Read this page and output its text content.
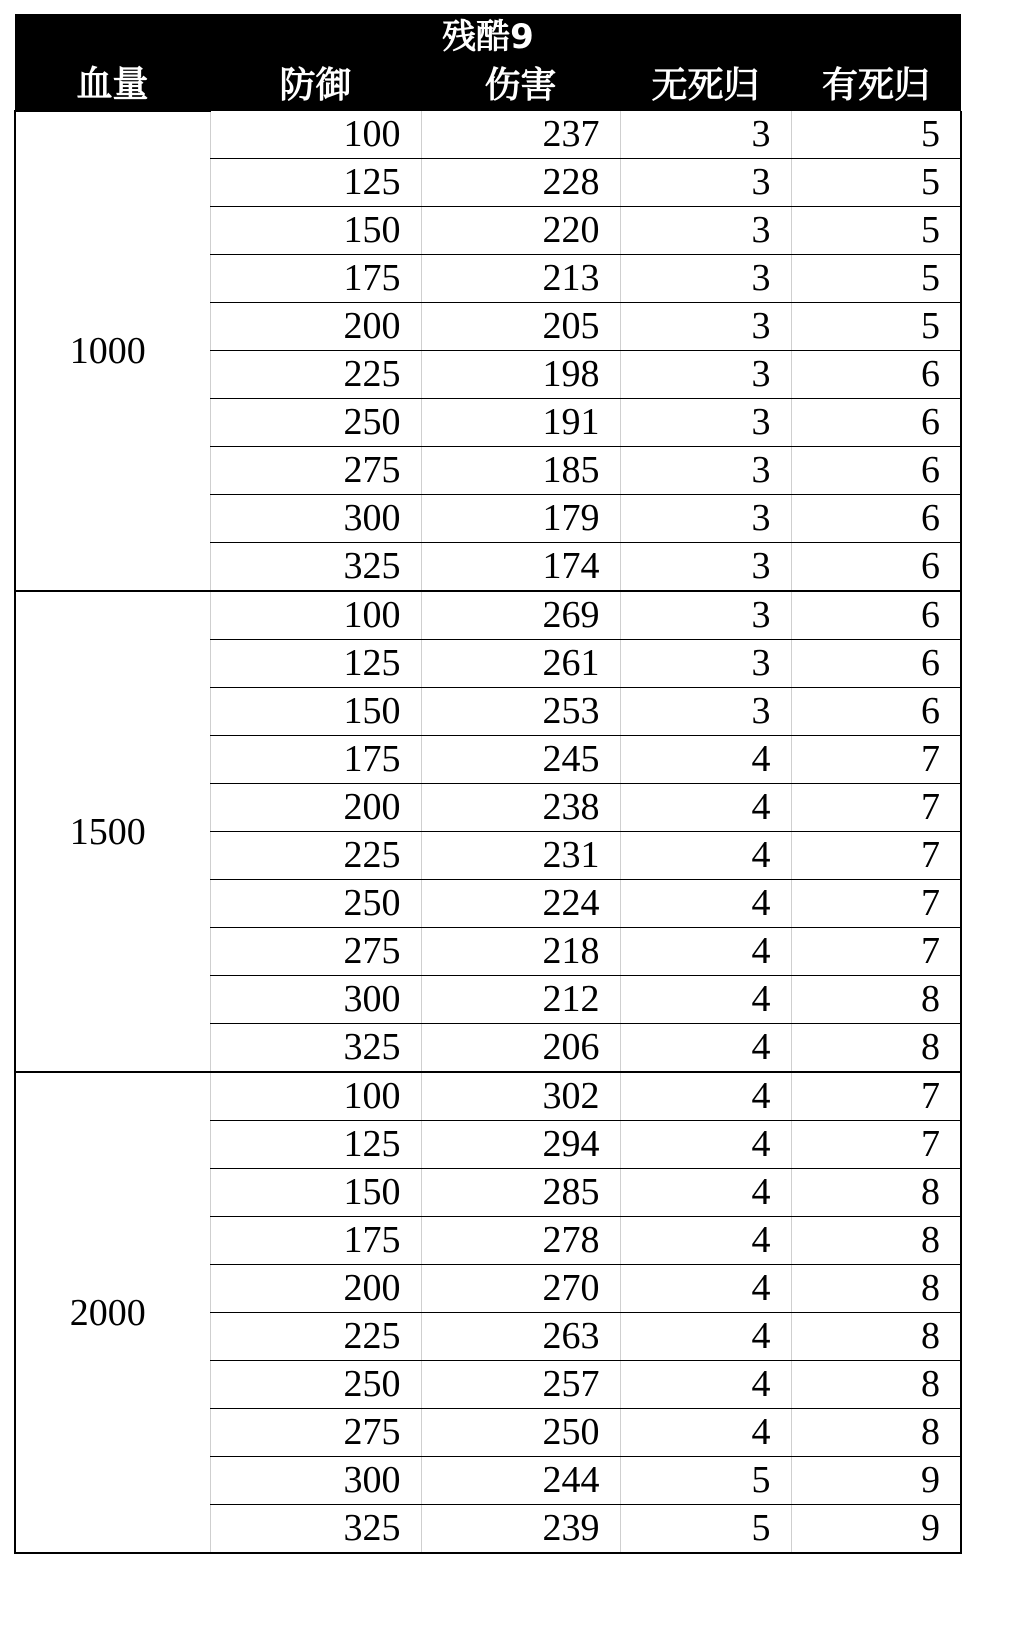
残酷9				
血量	防御	伤害	无死归	有死归
1000	100	237	3	5
	125	228	3	5
	150	220	3	5
	175	213	3	5
	200	205	3	5
	225	198	3	6
	250	191	3	6
	275	185	3	6
	300	179	3	6
	325	174	3	6
1500	100	269	3	6
	125	261	3	6
	150	253	3	6
	175	245	4	7
	200	238	4	7
	225	231	4	7
	250	224	4	7
	275	218	4	7
	300	212	4	8
	325	206	4	8
2000	100	302	4	7
	125	294	4	7
	150	285	4	8
	175	278	4	8
	200	270	4	8
	225	263	4	8
	250	257	4	8
	275	250	4	8
	300	244	5	9
	325	239	5	9
